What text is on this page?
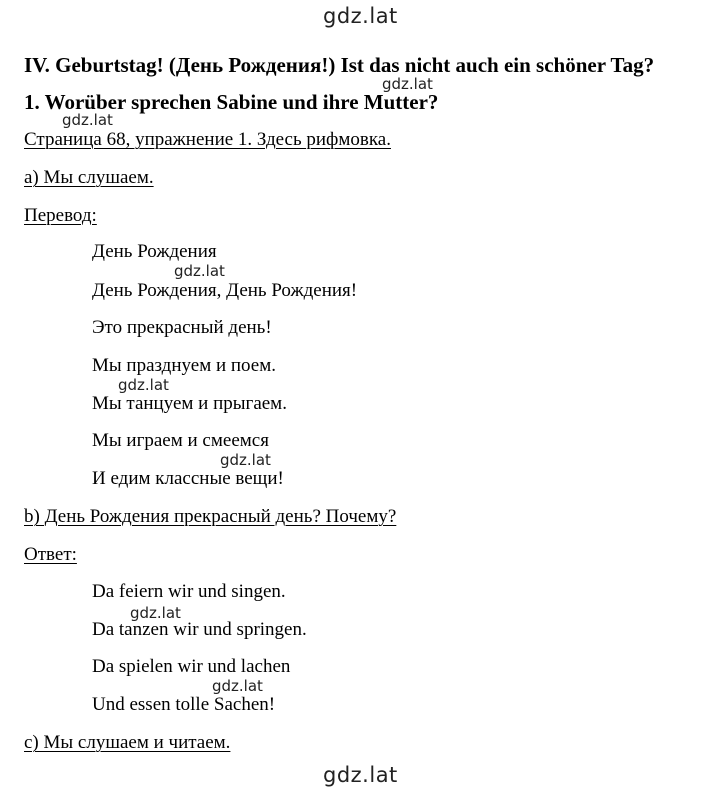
gdz.lat
IV. Geburtstag! (День Рождения!) Ist das nicht auch ein schöner Tag?
gdz.lat
1. Worüber sprechen Sabine und ihre Mutter?
gdz.lat
Страница 68, упражнение 1. Здесь рифмовка.
а) Мы слушаем.
Перевод:
День Рождения
gdz.lat
День Рождения, День Рождения!
Это прекрасный день!
Мы празднуем и поем.
gdz.lat
Мы танцуем и прыгаем.
Мы играем и смеемся
gdz.lat
И едим классные вещи!
b) День Рождения прекрасный день? Почему?
Ответ:
Da feiern wir und singen.
gdz.lat
Da tanzen wir und springen.
Da spielen wir und lachen
gdz.lat
Und essen tolle Sachen!
с) Мы слушаем и читаем.
gdz.lat
